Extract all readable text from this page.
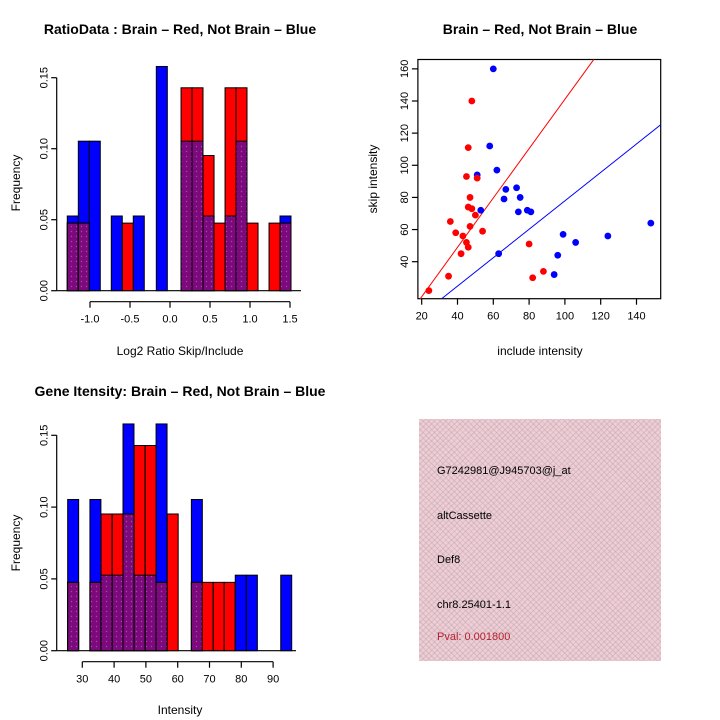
RatioData : Brain – Red, Not Brain – Blue	Brain – Red, Not Brain – Blue
Gene Itensity: Brain – Red, Not Brain – Blue
Log2 Ratio Skip/Include
Frequency
include intensity
skip intensity
Intensity
Frequency
0.00
0.05
0.10
0.15
-1.0 -0.5 0.0 0.5 1.0 1.5	20 40 60 80 100 120 140
40
60
80
100
120
140
160
0.00
0.05
0.10
0.15
30 40 50 60 70 80 90
G7242981@J945703@j_at
altCassette
Def8
chr8.25401-1.1
Pval: 0.001800
